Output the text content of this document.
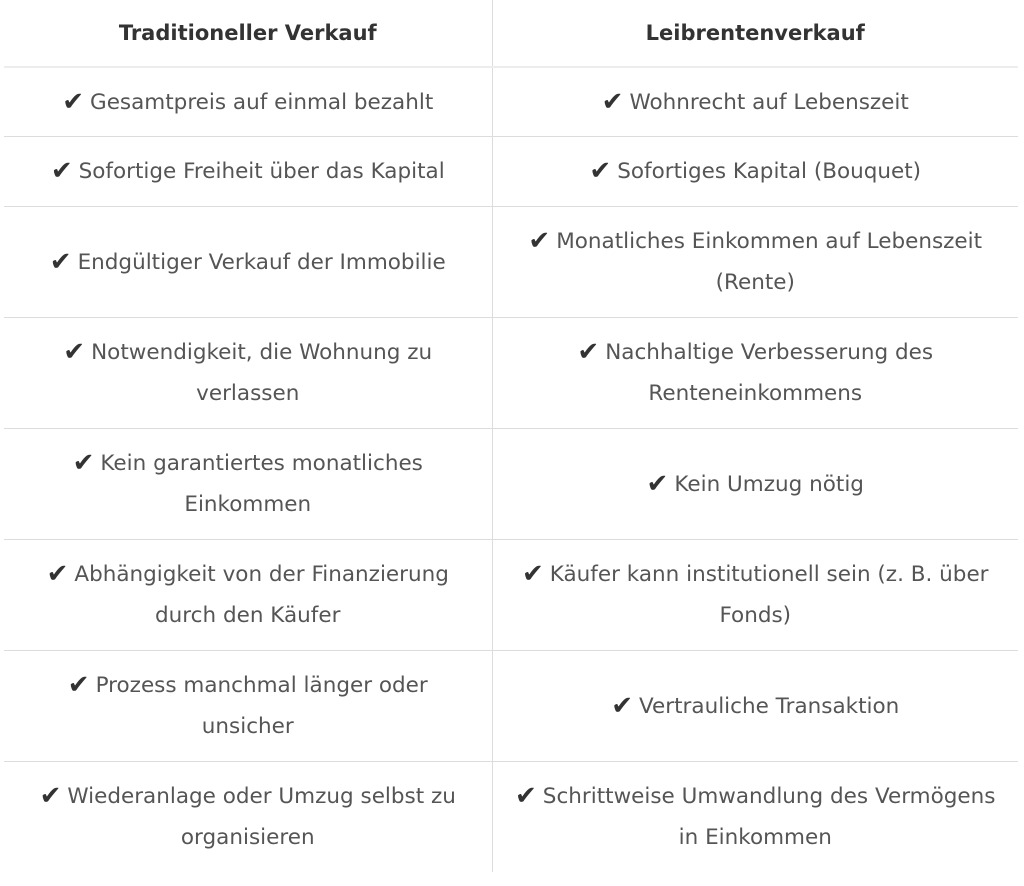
Traditioneller Verkauf	Leibrentenverkauf
✔ Gesamtpreis auf einmal bezahlt	✔ Wohnrecht auf Lebenszeit
✔ Sofortige Freiheit über das Kapital	✔ Sofortiges Kapital (Bouquet)
✔ Endgültiger Verkauf der Immobilie	✔ Monatliches Einkommen auf Lebenszeit (Rente)
✔ Notwendigkeit, die Wohnung zu verlassen	✔ Nachhaltige Verbesserung des Renteneinkommens
✔ Kein garantiertes monatliches Einkommen	✔ Kein Umzug nötig
✔ Abhängigkeit von der Finanzierung durch den Käufer	✔ Käufer kann institutionell sein (z. B. über Fonds)
✔ Prozess manchmal länger oder unsicher	✔ Vertrauliche Transaktion
✔ Wiederanlage oder Umzug selbst zu organisieren	✔ Schrittweise Umwandlung des Vermögens in Einkommen
